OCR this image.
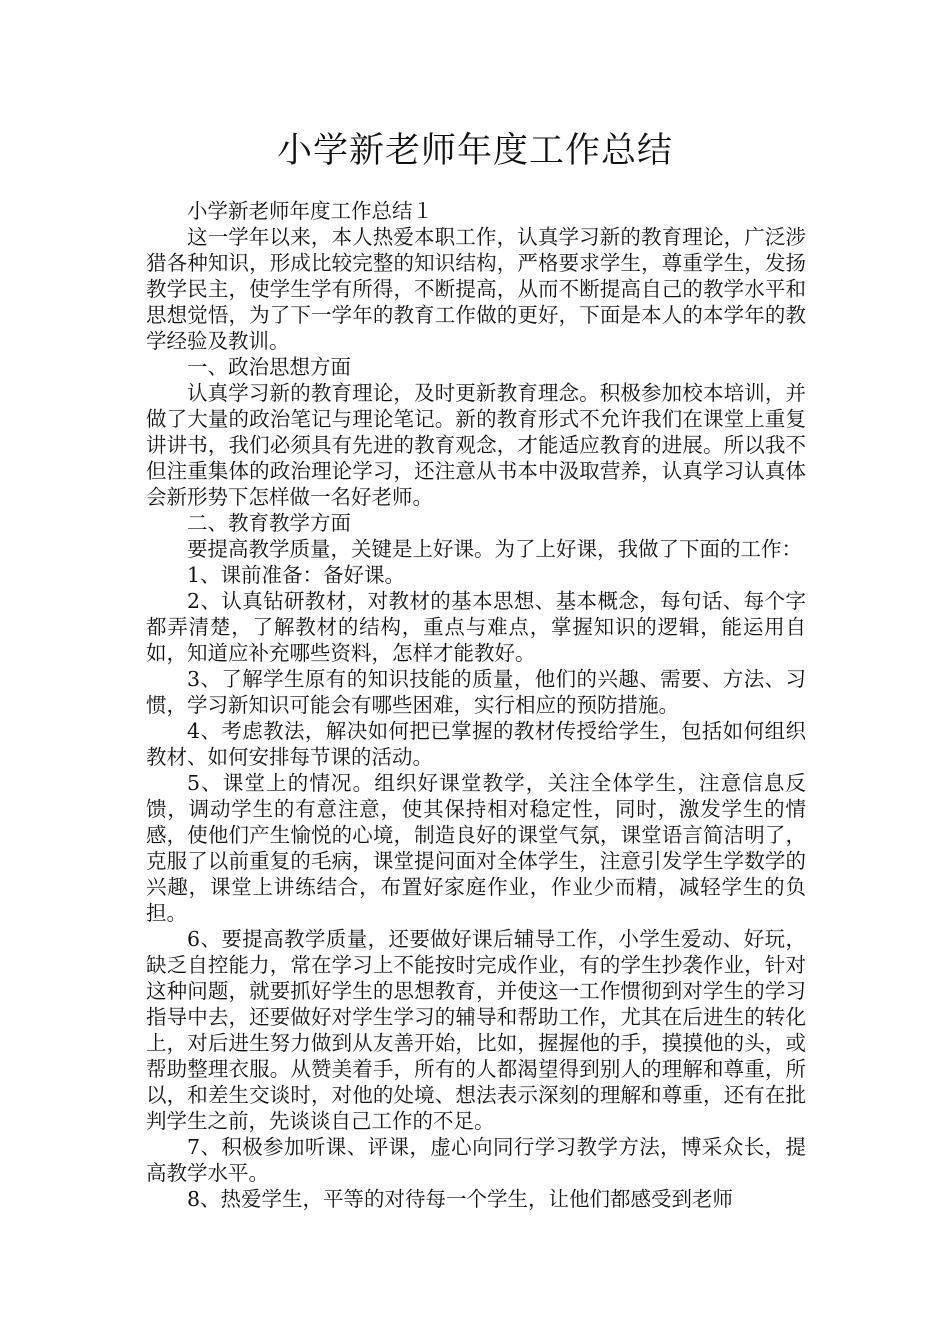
小学新老师年度工作总结

小学新老师年度工作总结１

这一学年以来，本人热爱本职工作，认真学习新的教育理论，广泛涉猎各种知识，形成比较完整的知识结构，严格要求学生，尊重学生，发扬教学民主，使学生学有所得，不断提高，从而不断提高自己的教学水平和思想觉悟，为了下一学年的教育工作做的更好，下面是本人的本学年的教学经验及教训。

一、政治思想方面

认真学习新的教育理论，及时更新教育理念。积极参加校本培训，并做了大量的政治笔记与理论笔记。新的教育形式不允许我们在课堂上重复讲讲书，我们必须具有先进的教育观念，才能适应教育的进展。所以我不但注重集体的政治理论学习，还注意从书本中汲取营养，认真学习认真体会新形势下怎样做一名好老师。

二、教育教学方面

要提高教学质量，关键是上好课。为了上好课，我做了下面的工作：

1、课前准备：备好课。

2、认真钻研教材，对教材的基本思想、基本概念，每句话、每个字都弄清楚，了解教材的结构，重点与难点，掌握知识的逻辑，能运用自如，知道应补充哪些资料，怎样才能教好。

3、了解学生原有的知识技能的质量，他们的兴趣、需要、方法、习惯，学习新知识可能会有哪些困难，实行相应的预防措施。

4、考虑教法，解决如何把已掌握的教材传授给学生，包括如何组织教材、如何安排每节课的活动。

5、课堂上的情况。组织好课堂教学，关注全体学生，注意信息反馈，调动学生的有意注意，使其保持相对稳定性，同时，激发学生的情感，使他们产生愉悦的心境，制造良好的课堂气氛，课堂语言简洁明了，克服了以前重复的毛病，课堂提问面对全体学生，注意引发学生学数学的兴趣，课堂上讲练结合，布置好家庭作业，作业少而精，减轻学生的负担。

6、要提高教学质量，还要做好课后辅导工作，小学生爱动、好玩，缺乏自控能力，常在学习上不能按时完成作业，有的学生抄袭作业，针对这种问题，就要抓好学生的思想教育，并使这一工作惯彻到对学生的学习指导中去，还要做好对学生学习的辅导和帮助工作，尤其在后进生的转化上，对后进生努力做到从友善开始，比如，握握他的手，摸摸他的头，或帮助整理衣服。从赞美着手，所有的人都渴望得到别人的理解和尊重，所以，和差生交谈时，对他的处境、想法表示深刻的理解和尊重，还有在批判学生之前，先谈谈自己工作的不足。

7、积极参加听课、评课，虚心向同行学习教学方法，博采众长，提高教学水平。

8、热爱学生，平等的对待每一个学生，让他们都感受到老师
